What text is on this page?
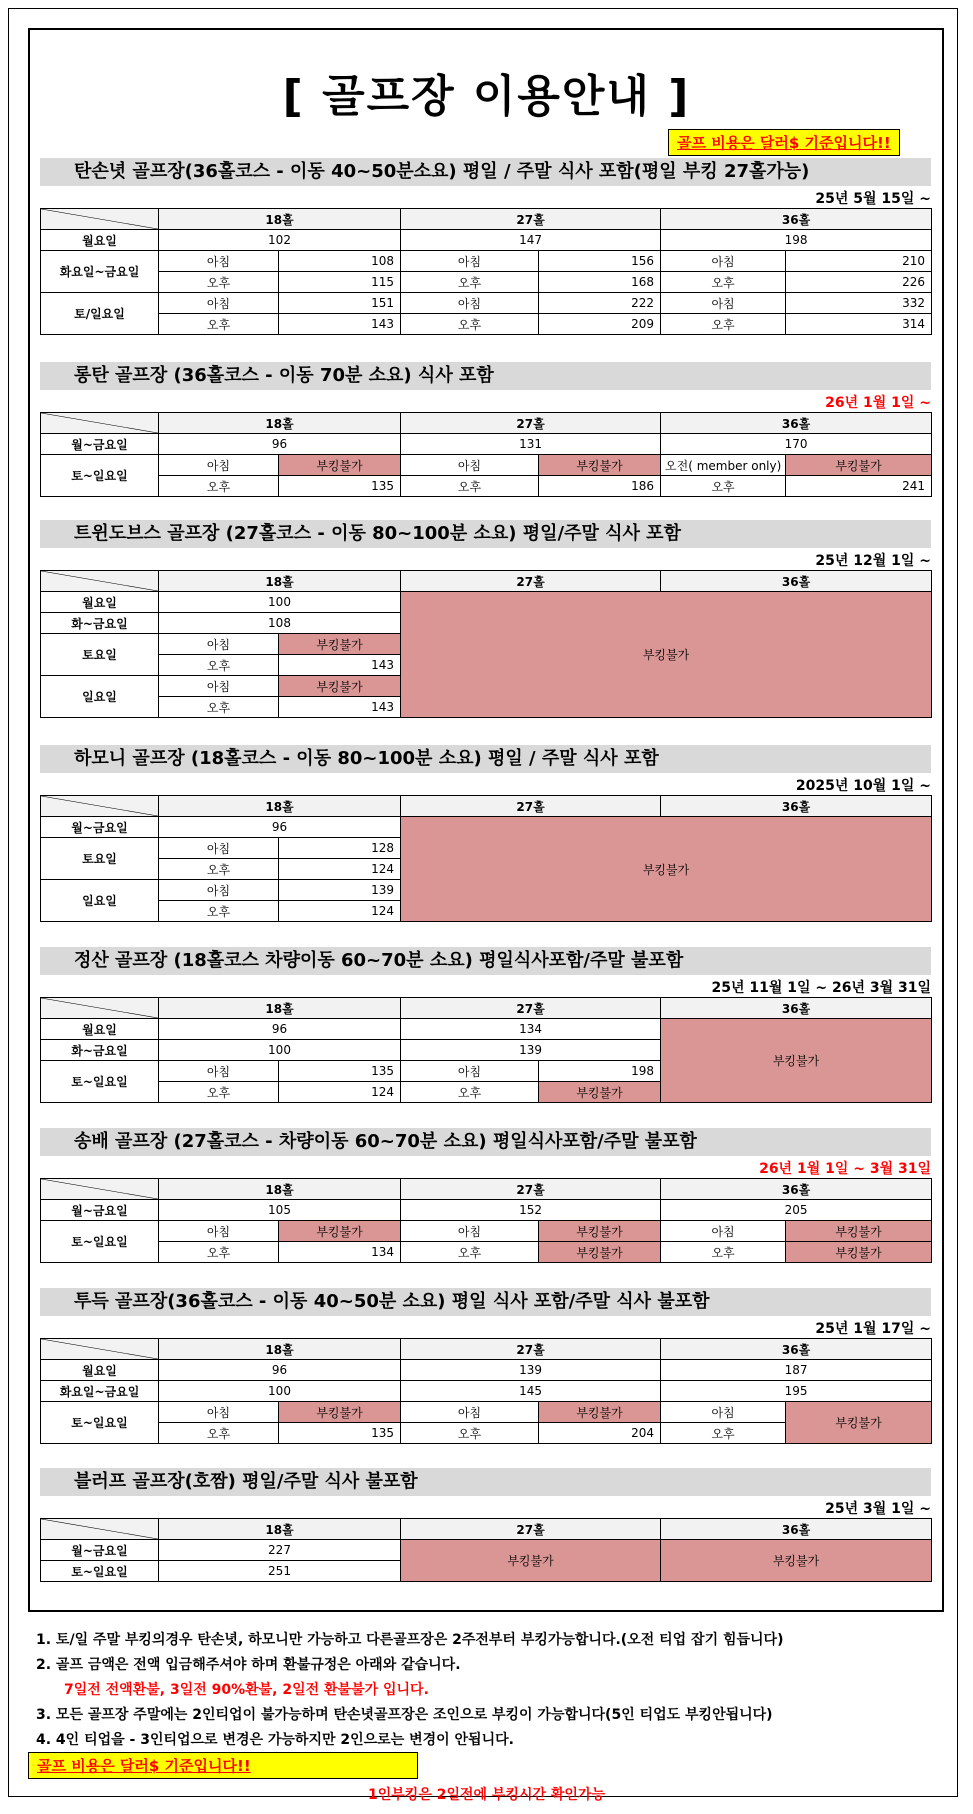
[ 골프장 이용안내 ]
골프 비용은 달러$ 기준입니다!!
탄손녓 골프장(36홀코스 - 이동 40~50분소요) 평일 / 주말 식사 포함(평일 부킹 27홀가능)
25년 5월 15일 ~
	18홀		27홀		36홀	
월요일	102		147		198	
화요일~금요일	아침	108	아침	156	아침	210
	오후	115	오후	168	오후	226
토/일요일	아침	151	아침	222	아침	332
	오후	143	오후	209	오후	314
롱탄 골프장 (36홀코스 - 이동 70분 소요) 식사 포함
26년 1월 1일 ~
	18홀		27홀		36홀	
월~금요일	96		131		170	
토~일요일	아침	부킹불가	아침	부킹불가	오전( member only)	부킹불가
	오후	135	오후	186	오후	241
트윈도브스 골프장 (27홀코스 - 이동 80~100분 소요) 평일/주말 식사 포함
25년 12월 1일 ~
	18홀		27홀	36홀
월요일	100		부킹불가	
화~금요일	108			
토요일	아침	부킹불가		
	오후	143		
일요일	아침	부킹불가		
	오후	143		
하모니 골프장 (18홀코스 - 이동 80~100분 소요) 평일 / 주말 식사 포함
2025년 10월 1일 ~
	18홀		27홀	36홀
월~금요일	96		부킹불가	
토요일	아침	128		
	오후	124		
일요일	아침	139		
	오후	124		
정산 골프장 (18홀코스 차량이동 60~70분 소요) 평일식사포함/주말 불포함
25년 11월 1일 ~ 26년 3월 31일
	18홀		27홀		36홀
월요일	96		134		부킹불가
화~금요일	100		139		
토~일요일	아침	135	아침	198	
	오후	124	오후	부킹불가	
송배 골프장 (27홀코스 - 차량이동 60~70분 소요) 평일식사포함/주말 불포함
26년 1월 1일 ~ 3월 31일
	18홀		27홀		36홀	
월~금요일	105		152		205	
토~일요일	아침	부킹불가	아침	부킹불가	아침	부킹불가
	오후	134	오후	부킹불가	오후	부킹불가
투득 골프장(36홀코스 - 이동 40~50분 소요) 평일 식사 포함/주말 식사 불포함
25년 1월 17일 ~
	18홀		27홀		36홀	
월요일	96		139		187	
화요일~금요일	100		145		195	
토~일요일	아침	부킹불가	아침	부킹불가	아침	부킹불가
	오후	135	오후	204	오후	
블러프 골프장(호짬) 평일/주말 식사 불포함
25년 3월 1일 ~
	18홀	27홀	36홀
월~금요일	227	부킹불가	부킹불가
토~일요일	251		
1. 토/일 주말 부킹의경우 탄손녓, 하모니만 가능하고 다른골프장은 2주전부터 부킹가능합니다.(오전 티업 잡기 힘듭니다)
2. 골프 금액은 전액 입금해주셔야 하며 환불규정은 아래와 같습니다.
7일전 전액환불, 3일전 90%환불, 2일전 환불불가 입니다.
3. 모든 골프장 주말에는 2인티업이 불가능하며 탄손녓골프장은 조인으로 부킹이 가능합니다(5인 티업도 부킹안됩니다)
4. 4인 티업을 - 3인티업으로 변경은 가능하지만 2인으로는 변경이 안됩니다.
골프 비용은 달러$ 기준입니다!!
1인부킹은 2일전에 부킹시간 확인가능
